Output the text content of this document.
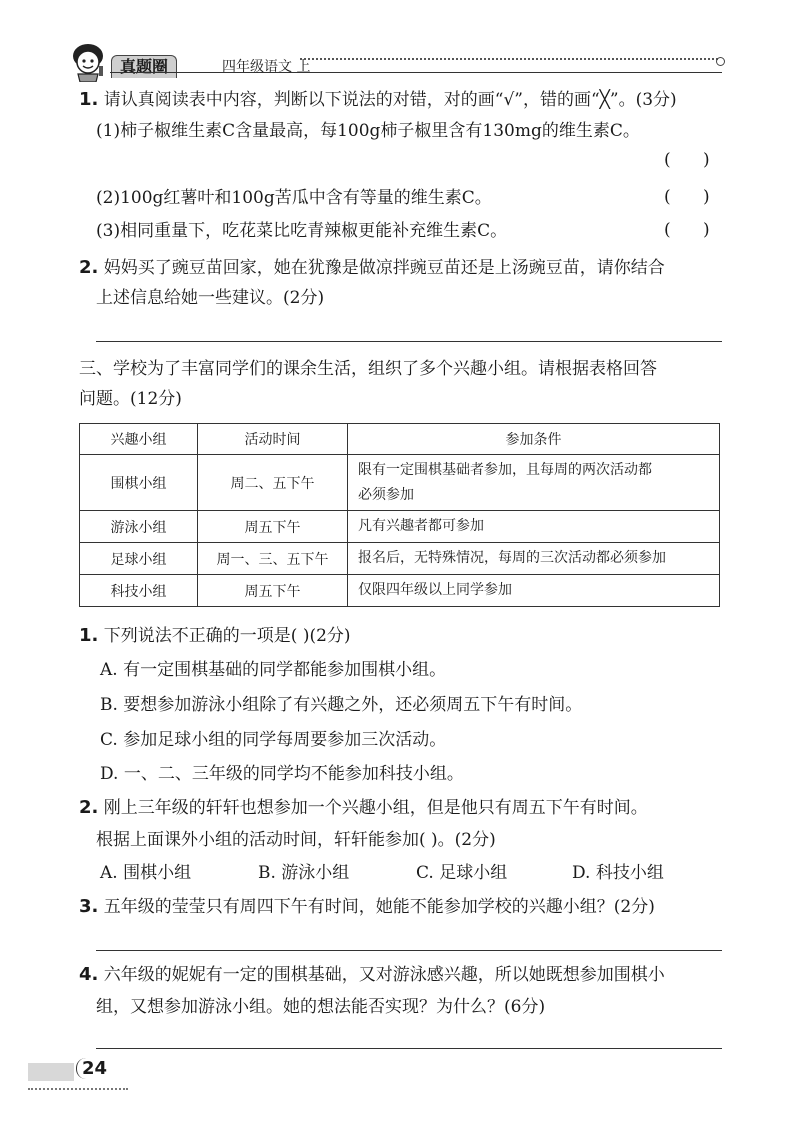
真题圈	四年级语文 上
1. 请认真阅读表中内容，判断以下说法的对错，对的画“√”，错的画“╳”。(3分)
(1)柿子椒维生素C含量最高，每100g柿子椒里含有130mg的维生素C。
(      )
(2)100g红薯叶和100g苦瓜中含有等量的维生素C。	(      )
(3)相同重量下，吃花菜比吃青辣椒更能补充维生素C。	(      )
2. 妈妈买了豌豆苗回家，她在犹豫是做凉拌豌豆苗还是上汤豌豆苗，请你结合
上述信息给她一些建议。(2分)
三、学校为了丰富同学们的课余生活，组织了多个兴趣小组。请根据表格回答
问题。(12分)
兴趣小组	活动时间	参加条件
围棋小组	周二、五下午	限有一定围棋基础者参加，且每周的两次活动都
必须参加

游泳小组	周五下午	凡有兴趣者都可参加
足球小组	周一、三、五下午	报名后，无特殊情况，每周的三次活动都必须参加
科技小组	周五下午	仅限四年级以上同学参加
1. 下列说法不正确的一项是( )(2分)
A. 有一定围棋基础的同学都能参加围棋小组。
B. 要想参加游泳小组除了有兴趣之外，还必须周五下午有时间。
C. 参加足球小组的同学每周要参加三次活动。
D. 一、二、三年级的同学均不能参加科技小组。
2. 刚上三年级的轩轩也想参加一个兴趣小组，但是他只有周五下午有时间。
根据上面课外小组的活动时间，轩轩能参加( )。(2分)
A. 围棋小组	B. 游泳小组	C. 足球小组	D. 科技小组
3. 五年级的莹莹只有周四下午有时间，她能不能参加学校的兴趣小组？(2分)
4. 六年级的妮妮有一定的围棋基础，又对游泳感兴趣，所以她既想参加围棋小
组，又想参加游泳小组。她的想法能否实现？为什么？(6分)
24
